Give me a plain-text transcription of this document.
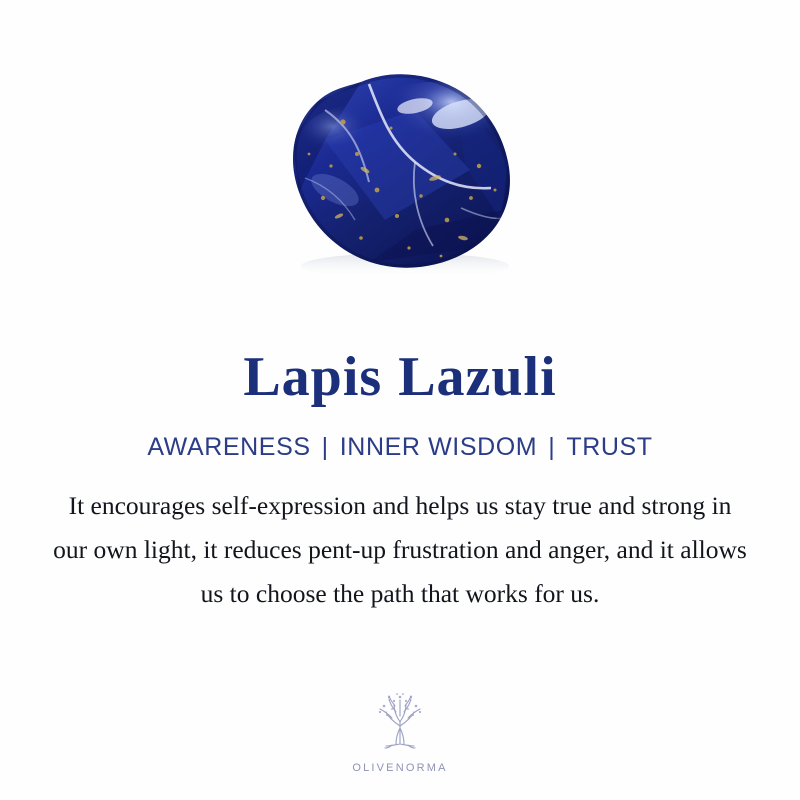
Lapis Lazuli
AWARENESS | INNER WISDOM | TRUST
It encourages self-expression and helps us stay true and strong in our own light, it reduces pent-up frustration and anger, and it allows us to choose the path that works for us.
OLIVENORMA
